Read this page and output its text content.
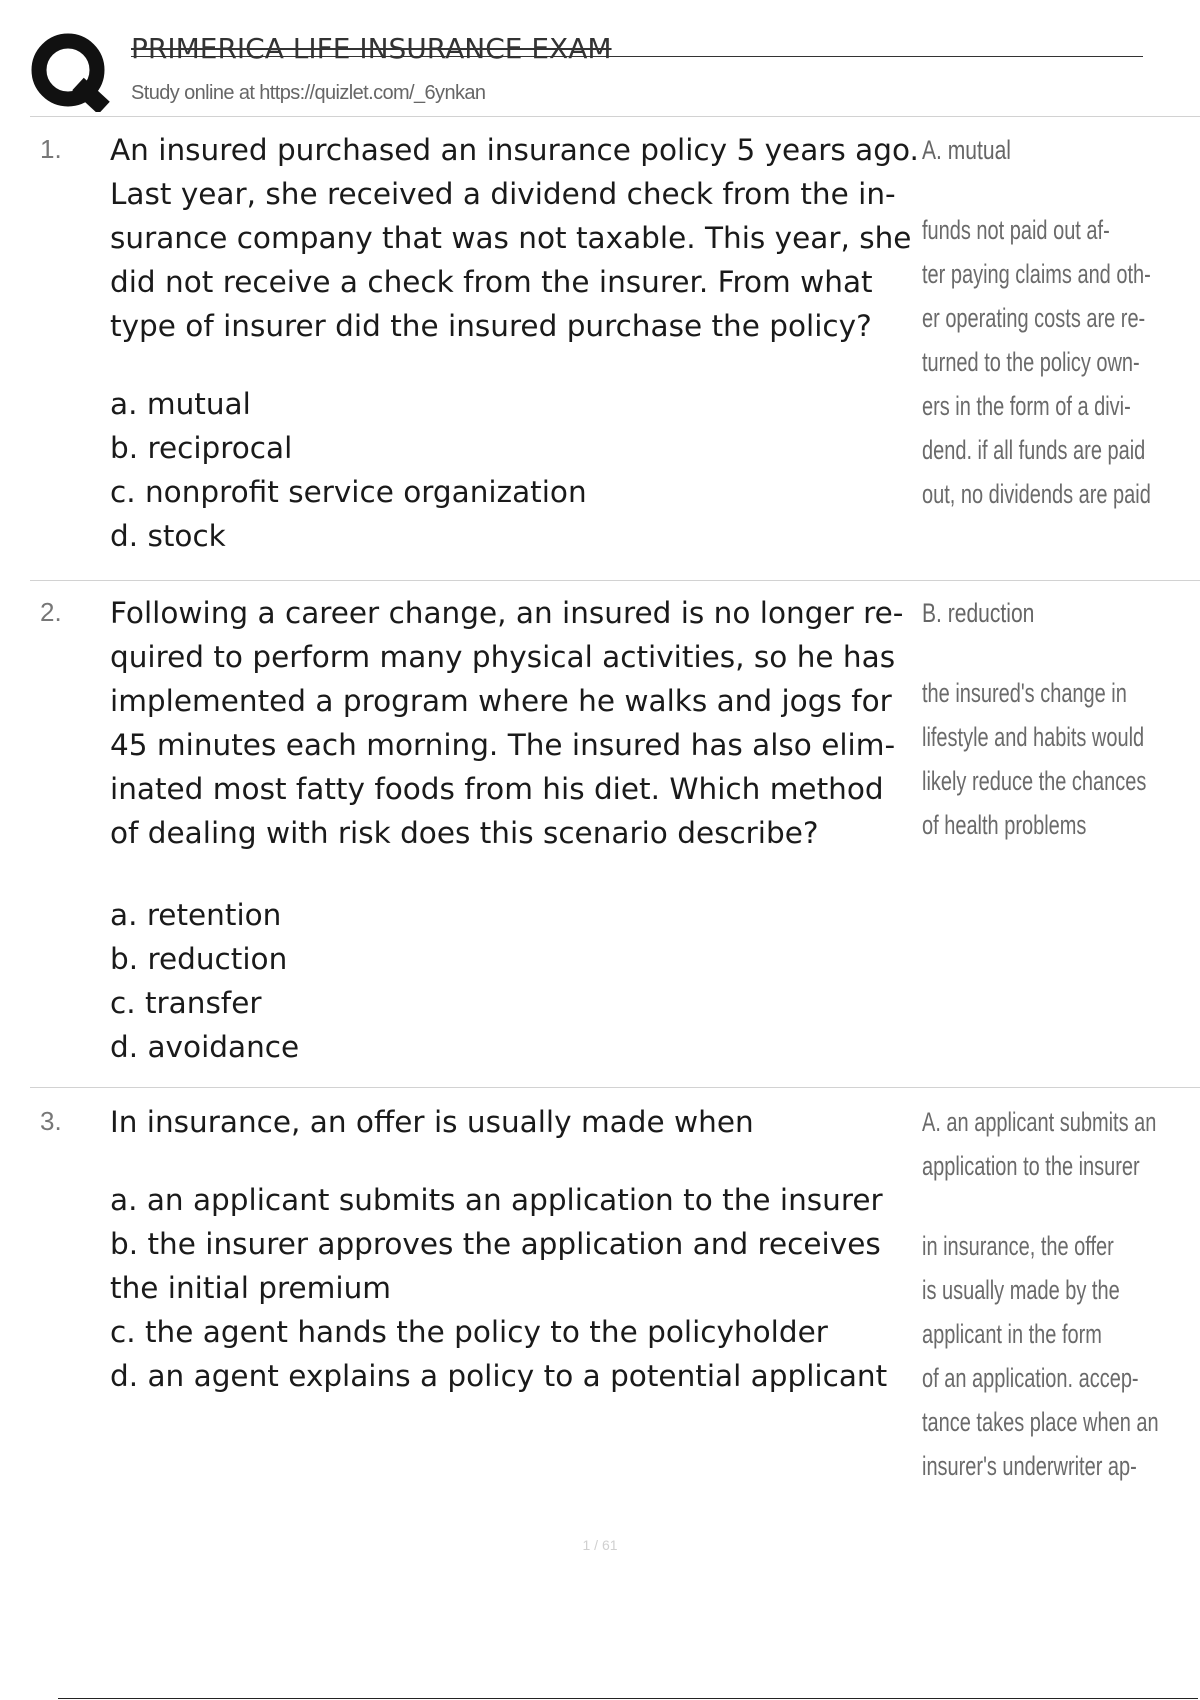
PRIMERICA LIFE INSURANCE EXAM
Study online at https://quizlet.com/_6ynkan
1. An insured purchased an insurance policy 5 years ago.
Last year, she received a dividend check from the in-
surance company that was not taxable. This year, she
did not receive a check from the insurer. From what
type of insurer did the insured purchase the policy?
a. mutual
b. reciprocal
c. nonprofit service organization
d. stock
A. mutual
funds not paid out af-
ter paying claims and oth-
er operating costs are re-
turned to the policy own-
ers in the form of a divi-
dend. if all funds are paid
out, no dividends are paid
2. Following a career change, an insured is no longer re-
quired to perform many physical activities, so he has
implemented a program where he walks and jogs for
45 minutes each morning. The insured has also elim-
inated most fatty foods from his diet. Which method
of dealing with risk does this scenario describe?
a. retention
b. reduction
c. transfer
d. avoidance
B. reduction
the insured's change in
lifestyle and habits would
likely reduce the chances
of health problems
3. In insurance, an offer is usually made when
a. an applicant submits an application to the insurer
b. the insurer approves the application and receives
the initial premium
c. the agent hands the policy to the policyholder
d. an agent explains a policy to a potential applicant
A. an applicant submits an
application to the insurer
in insurance, the offer
is usually made by the
applicant in the form
of an application. accep-
tance takes place when an
insurer's underwriter ap-
1 / 61
